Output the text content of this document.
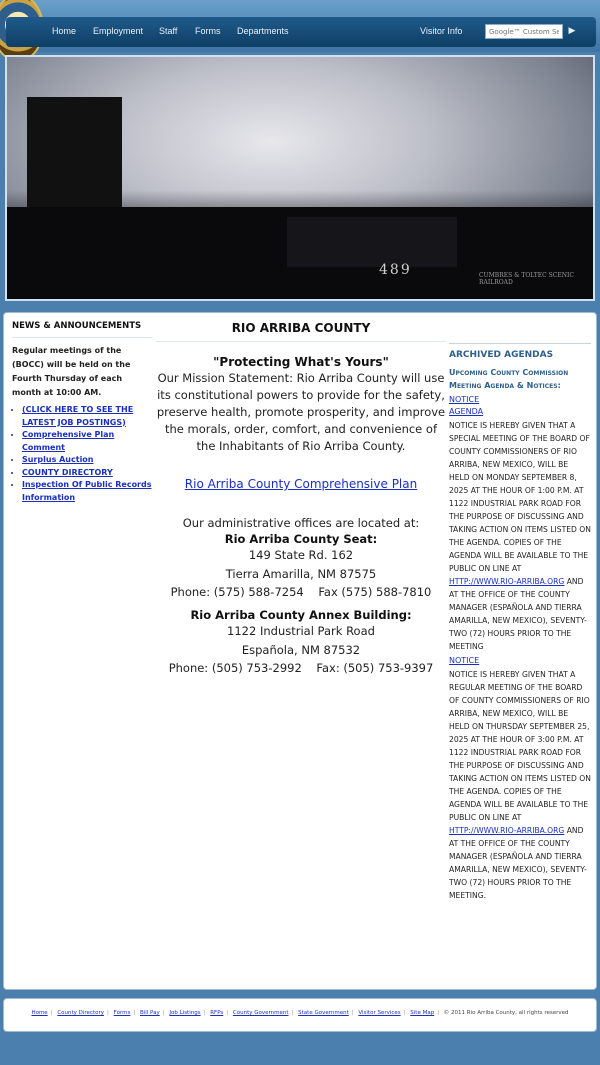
Home Employment Staff Forms Departments	Visitor Info
Google™ Custom Search	▶
489	CUMBRES & TOLTEC SCENIC RAILROAD
NEWS & ANNOUNCEMENTS
Regular meetings of the (BOCC) will be held on the Fourth Thursday of each month at 10:00 AM.
• (CLICK HERE TO SEE THE LATEST JOB POSTINGS)
• Comprehensive Plan Comment
• Surplus Auction
• COUNTY DIRECTORY
• Inspection Of Public Records Information
RIO ARRIBA COUNTY
"Protecting What's Yours"
Our Mission Statement: Rio Arriba County will use its constitutional powers to provide for the safety, preserve health, promote prosperity, and improve the morals, order, comfort, and convenience of the Inhabitants of Rio Arriba County.
Rio Arriba County Comprehensive Plan
Our administrative offices are located at:
Rio Arriba County Seat:
149 State Rd. 162
Tierra Amarilla, NM 87575
Phone: (575) 588-7254 Fax (575) 588-7810
Rio Arriba County Annex Building:
1122 Industrial Park Road
Española, NM 87532
Phone: (505) 753-2992 Fax: (505) 753-9397
ARCHIVED AGENDAS
Upcoming County Commission Meeting Agenda & Notices:
NOTICE
AGENDA
NOTICE IS HEREBY GIVEN THAT A SPECIAL MEETING OF THE BOARD OF COUNTY COMMISSIONERS OF RIO ARRIBA, NEW MEXICO, WILL BE HELD ON MONDAY SEPTEMBER 8, 2025 AT THE HOUR OF 1:00 P.M. AT 1122 INDUSTRIAL PARK ROAD FOR THE PURPOSE OF DISCUSSING AND TAKING ACTION ON ITEMS LISTED ON THE AGENDA. COPIES OF THE AGENDA WILL BE AVAILABLE TO THE PUBLIC ON LINE AT HTTP://WWW.RIO-ARRIBA.ORG AND AT THE OFFICE OF THE COUNTY MANAGER (ESPAÑOLA AND TIERRA AMARILLA, NEW MEXICO), SEVENTY-TWO (72) HOURS PRIOR TO THE MEETING
NOTICE
NOTICE IS HEREBY GIVEN THAT A REGULAR MEETING OF THE BOARD OF COUNTY COMMISSIONERS OF RIO ARRIBA, NEW MEXICO, WILL BE HELD ON THURSDAY SEPTEMBER 25, 2025 AT THE HOUR OF 3:00 P.M. AT 1122 INDUSTRIAL PARK ROAD FOR THE PURPOSE OF DISCUSSING AND TAKING ACTION ON ITEMS LISTED ON THE AGENDA. COPIES OF THE AGENDA WILL BE AVAILABLE TO THE PUBLIC ON LINE AT HTTP://WWW.RIO-ARRIBA.ORG AND AT THE OFFICE OF THE COUNTY MANAGER (ESPAÑOLA AND TIERRA AMARILLA, NEW MEXICO), SEVENTY-TWO (72) HOURS PRIOR TO THE MEETING.
Home | County Directory | Forms | Bill Pay | Job Listings | RFPs | County Government | State Government | Visitor Services | Site Map | © 2011 Rio Arriba County, all rights reserved
